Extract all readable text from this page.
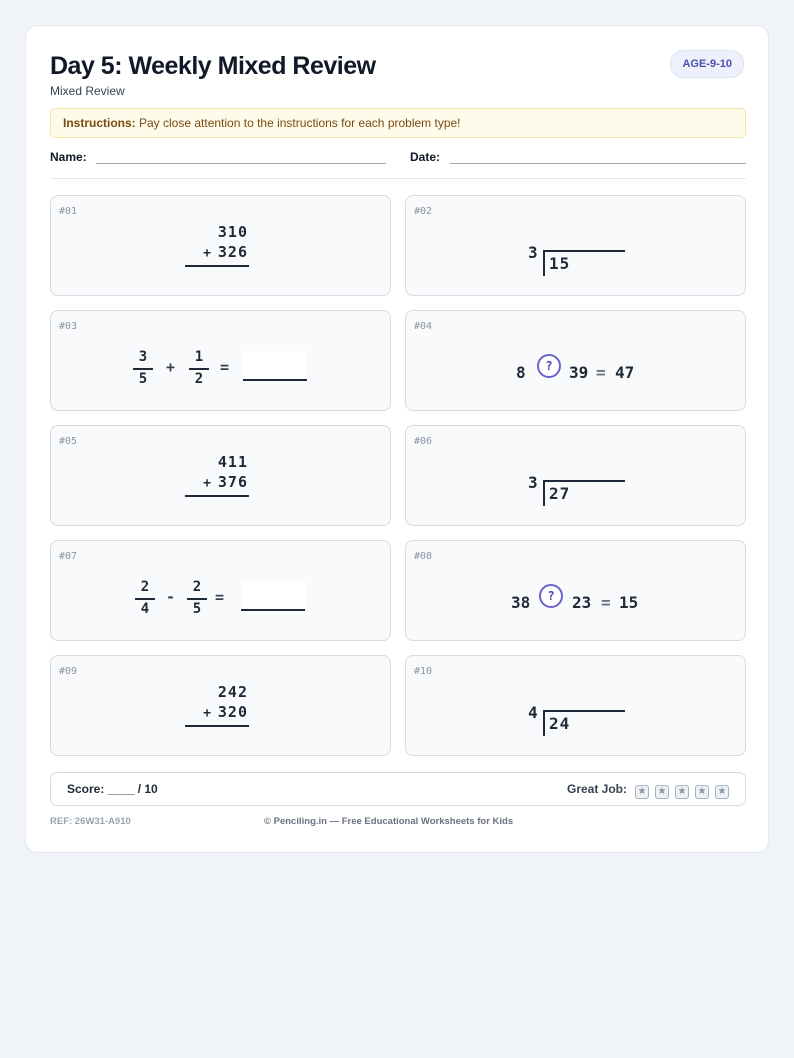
Day 5: Weekly Mixed Review
Mixed Review
AGE-9-10
Instructions: Pay close attention to the instructions for each problem type!
Name:	Date:
#01
310
+ 326
#02
3
15
#03
3
5
+
1
2
=
#04
8	?	39 = 47
#05
411
+ 376
#06
3
27
#07
2
4
-
2
5
=
#08
38	?	23 = 15
#09
242
+ 320
#10
4
24
Score: ____ / 10	Great Job:	★ ★ ★ ★ ★
REF: 26W31-A910	© Penciling.in — Free Educational Worksheets for Kids
